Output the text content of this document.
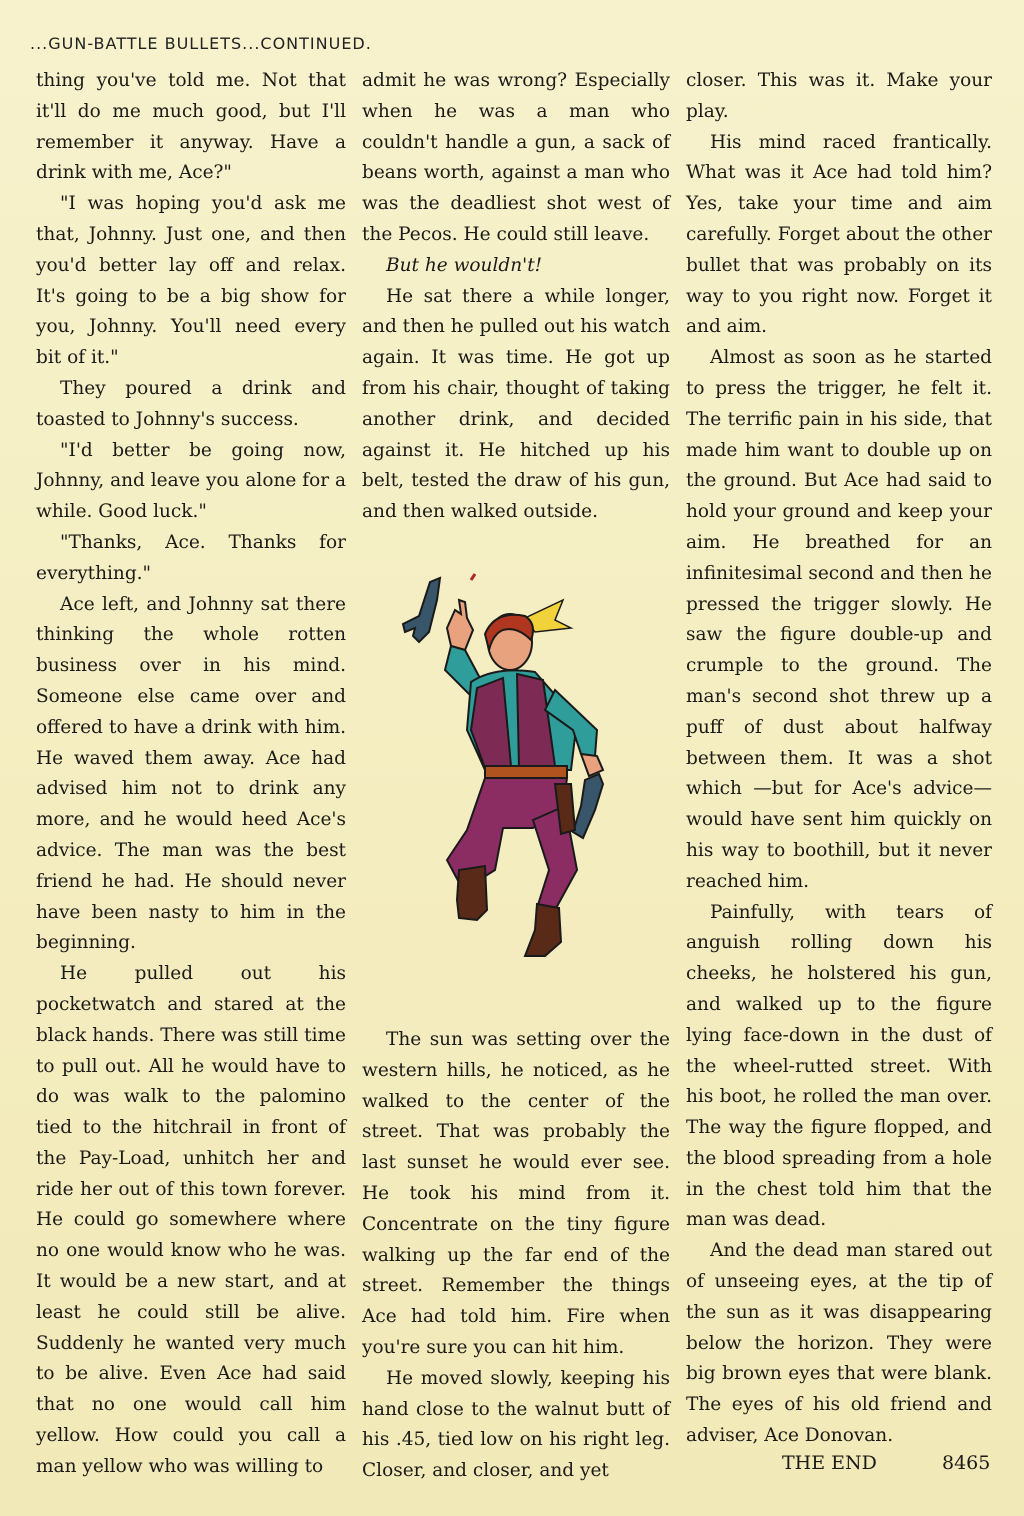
...GUN-BATTLE BULLETS...CONTINUED.

thing you've told me. Not that it'll do me much good, but I'll remember it anyway. Have a drink with me, Ace?"

"I was hoping you'd ask me that, Johnny. Just one, and then you'd better lay off and relax. It's going to be a big show for you, Johnny. You'll need every bit of it."

They poured a drink and toasted to Johnny's success.

"I'd better be going now, Johnny, and leave you alone for a while. Good luck."

"Thanks, Ace. Thanks for everything."

Ace left, and Johnny sat there thinking the whole rotten business over in his mind. Someone else came over and offered to have a drink with him. He waved them away. Ace had advised him not to drink any more, and he would heed Ace's advice. The man was the best friend he had. He should never have been nasty to him in the beginning.

He pulled out his pocketwatch and stared at the black hands. There was still time to pull out. All he would have to do was walk to the palomino tied to the hitchrail in front of the Pay-Load, unhitch her and ride her out of this town forever. He could go somewhere where no one would know who he was. It would be a new start, and at least he could still be alive. Suddenly he wanted very much to be alive. Even Ace had said that no one would call him yellow. How could you call a man yellow who was willing to

admit he was wrong? Especially when he was a man who couldn't handle a gun, a sack of beans worth, against a man who was the deadliest shot west of the Pecos. He could still leave.

But he wouldn't!

He sat there a while longer, and then he pulled out his watch again. It was time. He got up from his chair, thought of taking another drink, and decided against it. He hitched up his belt, tested the draw of his gun, and then walked outside.

The sun was setting over the western hills, he noticed, as he walked to the center of the street. That was probably the last sunset he would ever see. He took his mind from it. Concentrate on the tiny figure walking up the far end of the street. Remember the things Ace had told him. Fire when you're sure you can hit him.

He moved slowly, keeping his hand close to the walnut butt of his .45, tied low on his right leg. Closer, and closer, and yet

closer. This was it. Make your play.

His mind raced frantically. What was it Ace had told him? Yes, take your time and aim carefully. Forget about the other bullet that was probably on its way to you right now. Forget it and aim.

Almost as soon as he started to press the trigger, he felt it. The terrific pain in his side, that made him want to double up on the ground. But Ace had said to hold your ground and keep your aim. He breathed for an infinitesimal second and then he pressed the trigger slowly. He saw the figure double-up and crumple to the ground. The man's second shot threw up a puff of dust about halfway between them. It was a shot which —but for Ace's advice—would have sent him quickly on his way to boothill, but it never reached him.

Painfully, with tears of anguish rolling down his cheeks, he holstered his gun, and walked up to the figure lying face-down in the dust of the wheel-rutted street. With his boot, he rolled the man over. The way the figure flopped, and the blood spreading from a hole in the chest told him that the man was dead.

And the dead man stared out of unseeing eyes, at the tip of the sun as it was disappearing below the horizon. They were big brown eyes that were blank. The eyes of his old friend and adviser, Ace Donovan.

THE END	8465
